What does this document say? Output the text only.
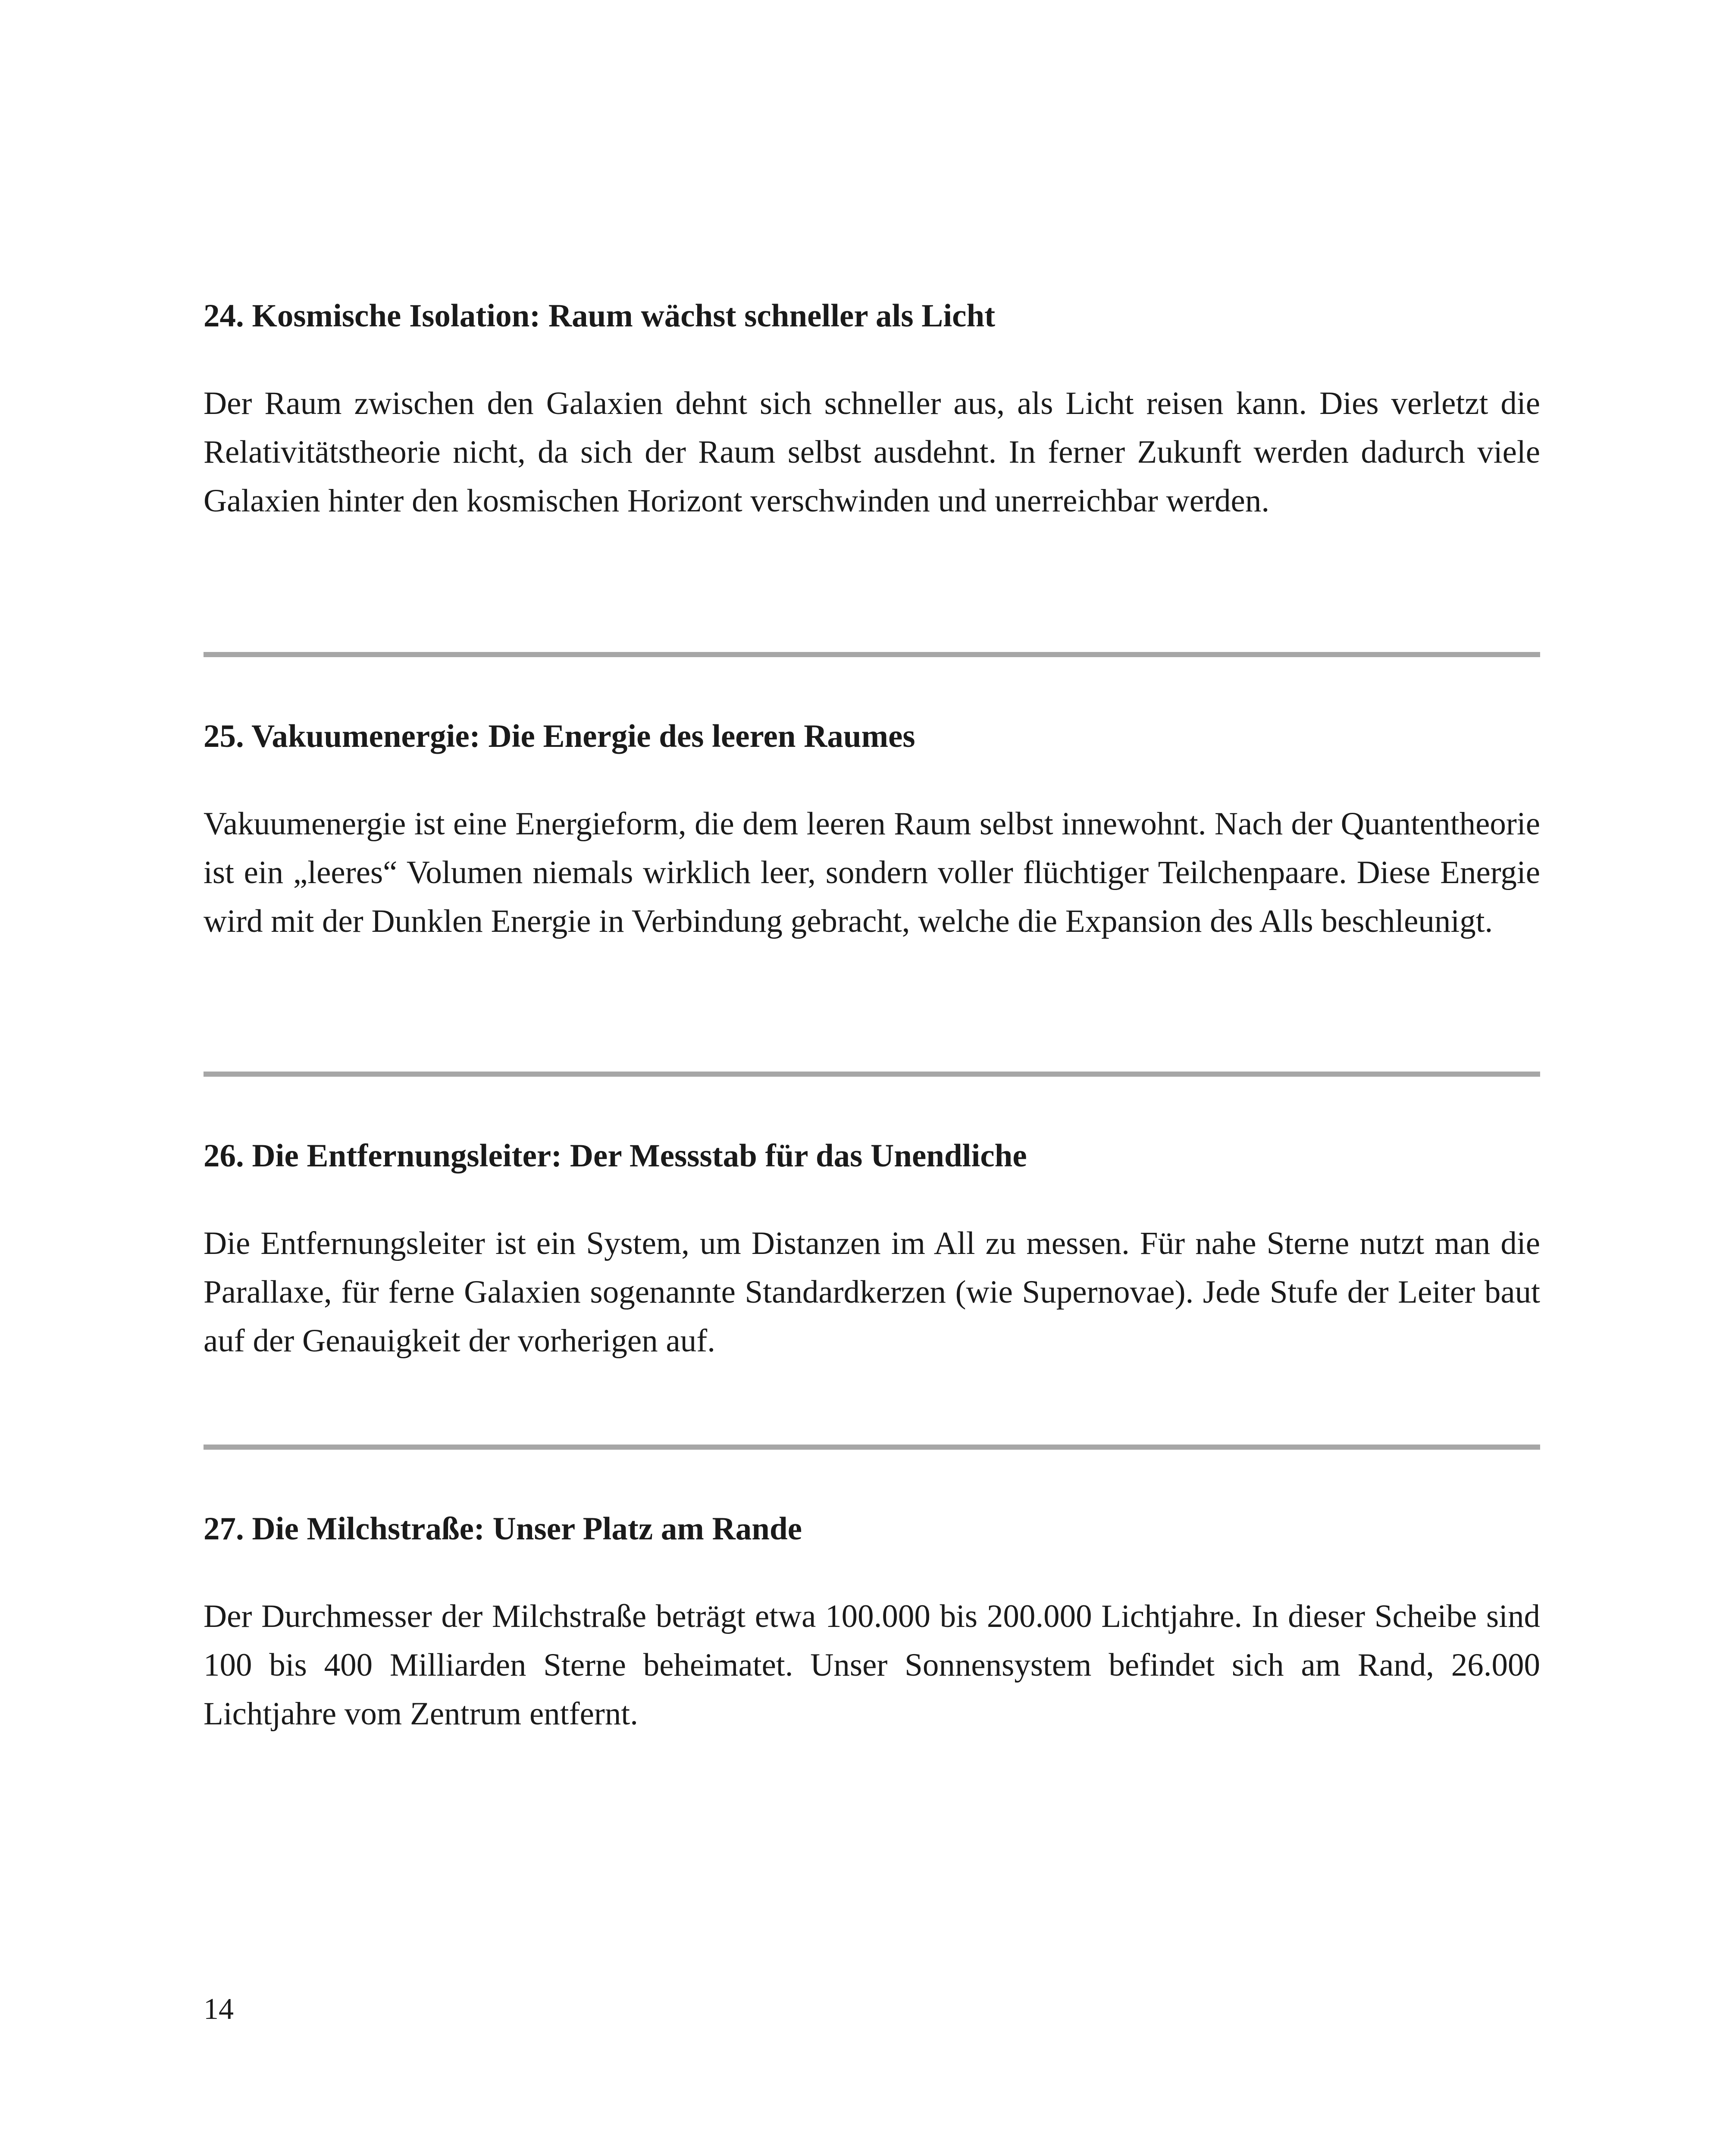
24. Kosmische Isolation: Raum wächst schneller als Licht

Der Raum zwischen den Galaxien dehnt sich schneller aus, als Licht reisen kann. Dies verletzt die Relativitätstheorie nicht, da sich der Raum selbst ausdehnt. In ferner Zukunft werden dadurch viele Galaxien hinter den kosmischen Horizont verschwinden und unerreichbar werden.

25. Vakuumenergie: Die Energie des leeren Raumes

Vakuumenergie ist eine Energieform, die dem leeren Raum selbst innewohnt. Nach der Quantentheorie ist ein „leeres“ Volumen niemals wirklich leer, sondern voller flüchtiger Teilchenpaare. Diese Energie wird mit der Dunklen Energie in Verbindung gebracht, welche die Expansion des Alls beschleunigt.

26. Die Entfernungsleiter: Der Messstab für das Unendliche

Die Entfernungsleiter ist ein System, um Distanzen im All zu messen. Für nahe Sterne nutzt man die Parallaxe, für ferne Galaxien sogenannte Standardkerzen (wie Supernovae). Jede Stufe der Leiter baut auf der Genauigkeit der vorherigen auf.

27. Die Milchstraße: Unser Platz am Rande

Der Durchmesser der Milchstraße beträgt etwa 100.000 bis 200.000 Lichtjahre. In dieser Scheibe sind 100 bis 400 Milliarden Sterne beheimatet. Unser Sonnensystem befindet sich am Rand, 26.000 Lichtjahre vom Zentrum entfernt.

14
